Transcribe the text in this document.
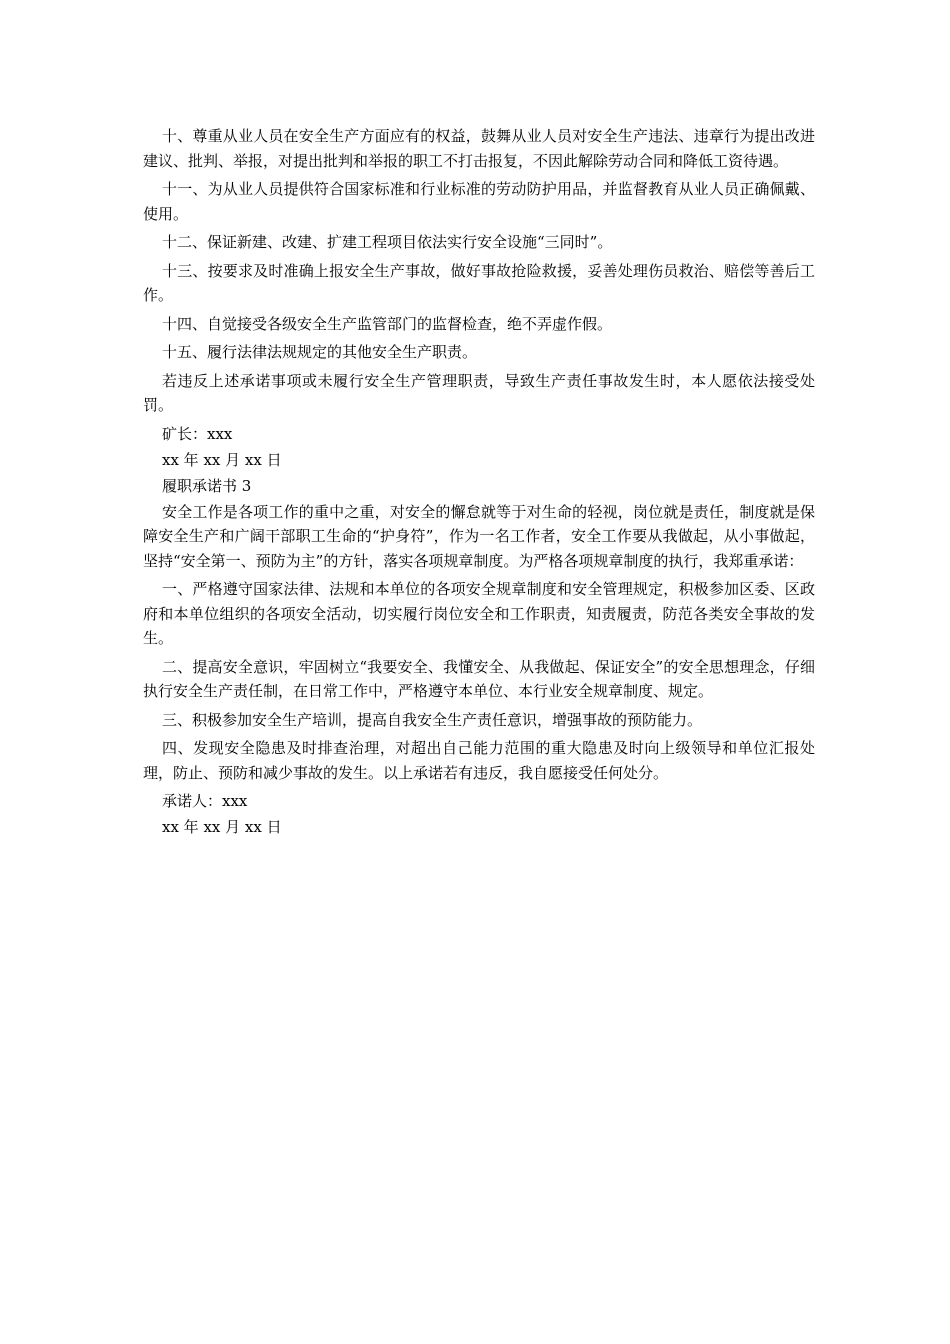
十、尊重从业人员在安全生产方面应有的权益，鼓舞从业人员对安全生产违法、违章行为提出改进建议、批判、举报，对提出批判和举报的职工不打击报复，不因此解除劳动合同和降低工资待遇。

十一、为从业人员提供符合国家标准和行业标准的劳动防护用品，并监督教育从业人员正确佩戴、使用。

十二、保证新建、改建、扩建工程项目依法实行安全设施“三同时”。

十三、按要求及时准确上报安全生产事故，做好事故抢险救援，妥善处理伤员救治、赔偿等善后工作。

十四、自觉接受各级安全生产监管部门的监督检查，绝不弄虚作假。

十五、履行法律法规规定的其他安全生产职责。

若违反上述承诺事项或未履行安全生产管理职责，导致生产责任事故发生时，本人愿依法接受处罚。

矿长：xxx

xx 年 xx 月 xx 日

履职承诺书 3

安全工作是各项工作的重中之重，对安全的懈怠就等于对生命的轻视，岗位就是责任，制度就是保障安全生产和广阔干部职工生命的“护身符”，作为一名工作者，安全工作要从我做起，从小事做起，坚持“安全第一、预防为主”的方针，落实各项规章制度。为严格各项规章制度的执行，我郑重承诺：

一、严格遵守国家法律、法规和本单位的各项安全规章制度和安全管理规定，积极参加区委、区政府和本单位组织的各项安全活动，切实履行岗位安全和工作职责，知责履责，防范各类安全事故的发生。

二、提高安全意识，牢固树立“我要安全、我懂安全、从我做起、保证安全”的安全思想理念，仔细执行安全生产责任制，在日常工作中，严格遵守本单位、本行业安全规章制度、规定。

三、积极参加安全生产培训，提高自我安全生产责任意识，增强事故的预防能力。

四、发现安全隐患及时排查治理，对超出自己能力范围的重大隐患及时向上级领导和单位汇报处理，防止、预防和减少事故的发生。以上承诺若有违反，我自愿接受任何处分。

承诺人：xxx

xx 年 xx 月 xx 日
